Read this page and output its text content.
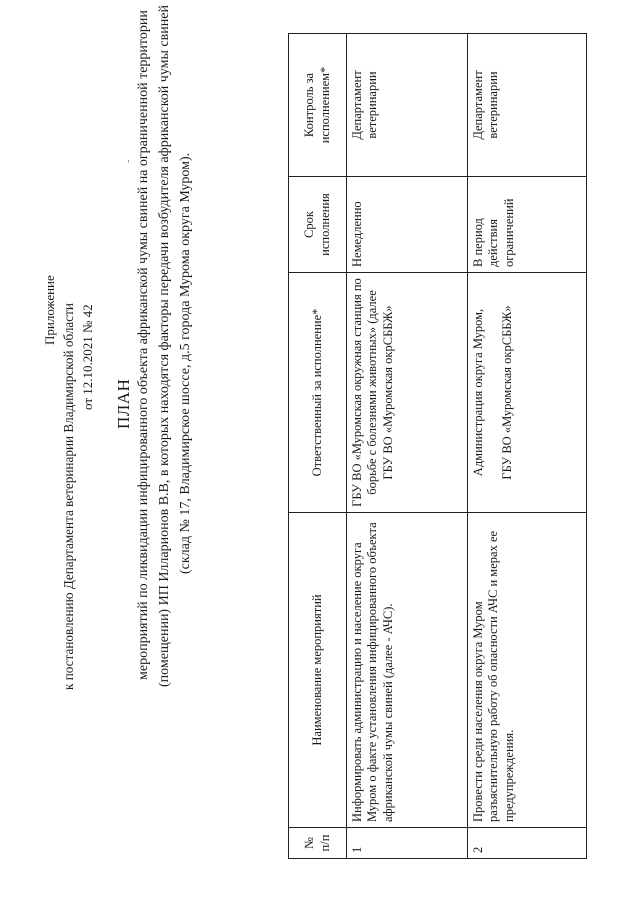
Приложение к постановлению Департамента ветеринарии Владимирской области от 12.10.2021 № 42
-
ПЛАН мероприятий по ликвидации инфицированного объекта африканской чумы свиней на ограниченной территории (помещении) ИП Илларионов В.В, в которых находятся факторы передачи возбудителя африканской чумы свиней (склад № 17, Владимирское шоссе, д.5 города Мурома округа Муром).
№ п/п	Наименование мероприятий	Ответственный за исполнение*	Срок исполнения	Контроль за исполнением*
1	Информировать администрацию и население округа Муром о факте установления инфицированного объекта африканской чумы свиней (далее - АЧС).	ГБУ ВО «Муромская окружная станция по борьбе с болезнями животных» (далее ГБУ ВО «Муромская окрСББЖ»	Немедленно	Департамент ветеринарии
2	Провести среди населения округа Муром разъяснительную работу об опасности АЧС и мерах ее предупреждения.	Администрация округа Муром, ГБУ ВО «Муромская окрСББЖ»	В период действия ограничений	Департамент ветеринарии
